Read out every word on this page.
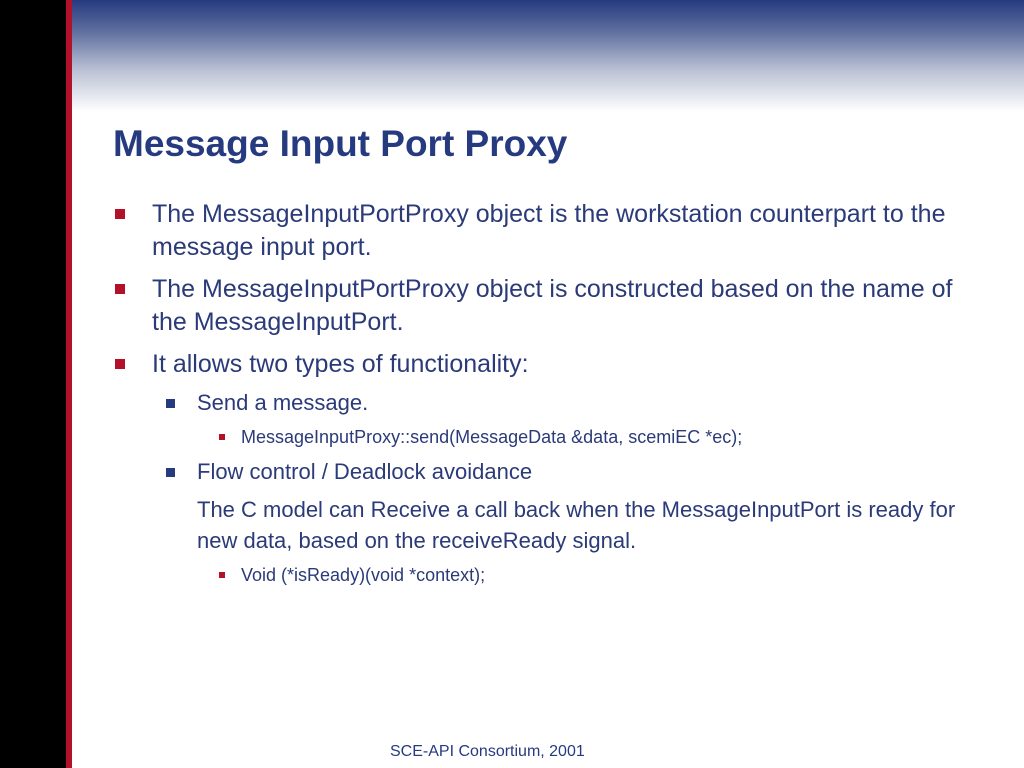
Message Input Port Proxy
The MessageInputPortProxy object is the workstation counterpart to the message input port.
The MessageInputPortProxy object is constructed based on the name of the MessageInputPort.
It allows two types of functionality:
Send a message.
MessageInputProxy::send(MessageData &data, scemiEC *ec);
Flow control / Deadlock avoidance
The C model can Receive a call back when the MessageInputPort is ready for new data, based on the receiveReady signal.
Void (*isReady)(void *context);
SCE-API Consortium, 2001
